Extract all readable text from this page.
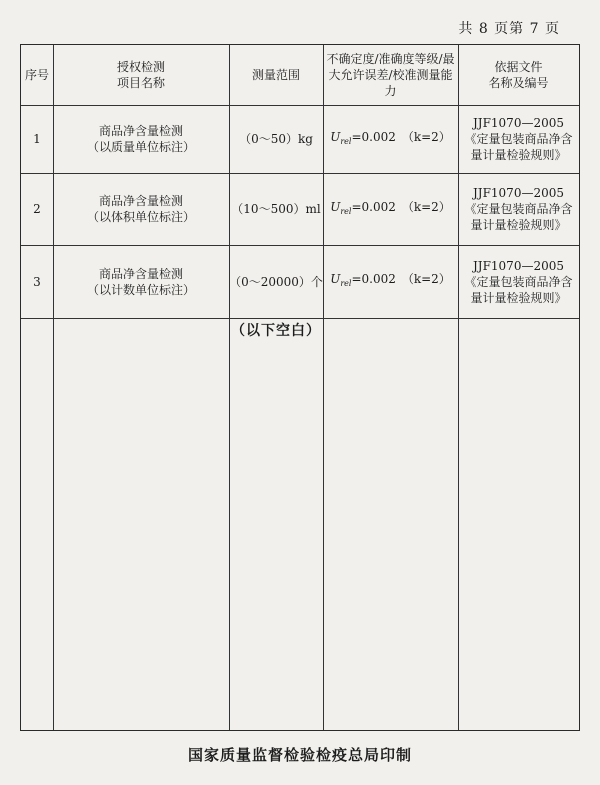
共 8 页第 7 页
序号
授权检测
项目名称
测量范围
不确定度/准确度等级/最
大允许误差/校准测量能
力
依据文件
名称及编号
1
商品净含量检测
（以质量单位标注）
（0～50）kg $U_{rel}=0.002$　（k=2）
JJF1070—2005
《定量包装商品净含
量计量检验规则》
2
商品净含量检测
（以体积单位标注）
（10～500）ml $U_{rel}=0.002$　（k=2）
JJF1070—2005
《定量包装商品净含
量计量检验规则》
3
商品净含量检测
（以计数单位标注）
（0～20000）个 $U_{rel}=0.002$　（k=2）
JJF1070—2005
《定量包装商品净含
量计量检验规则》
（以下空白）
国家质量监督检验检疫总局印制
